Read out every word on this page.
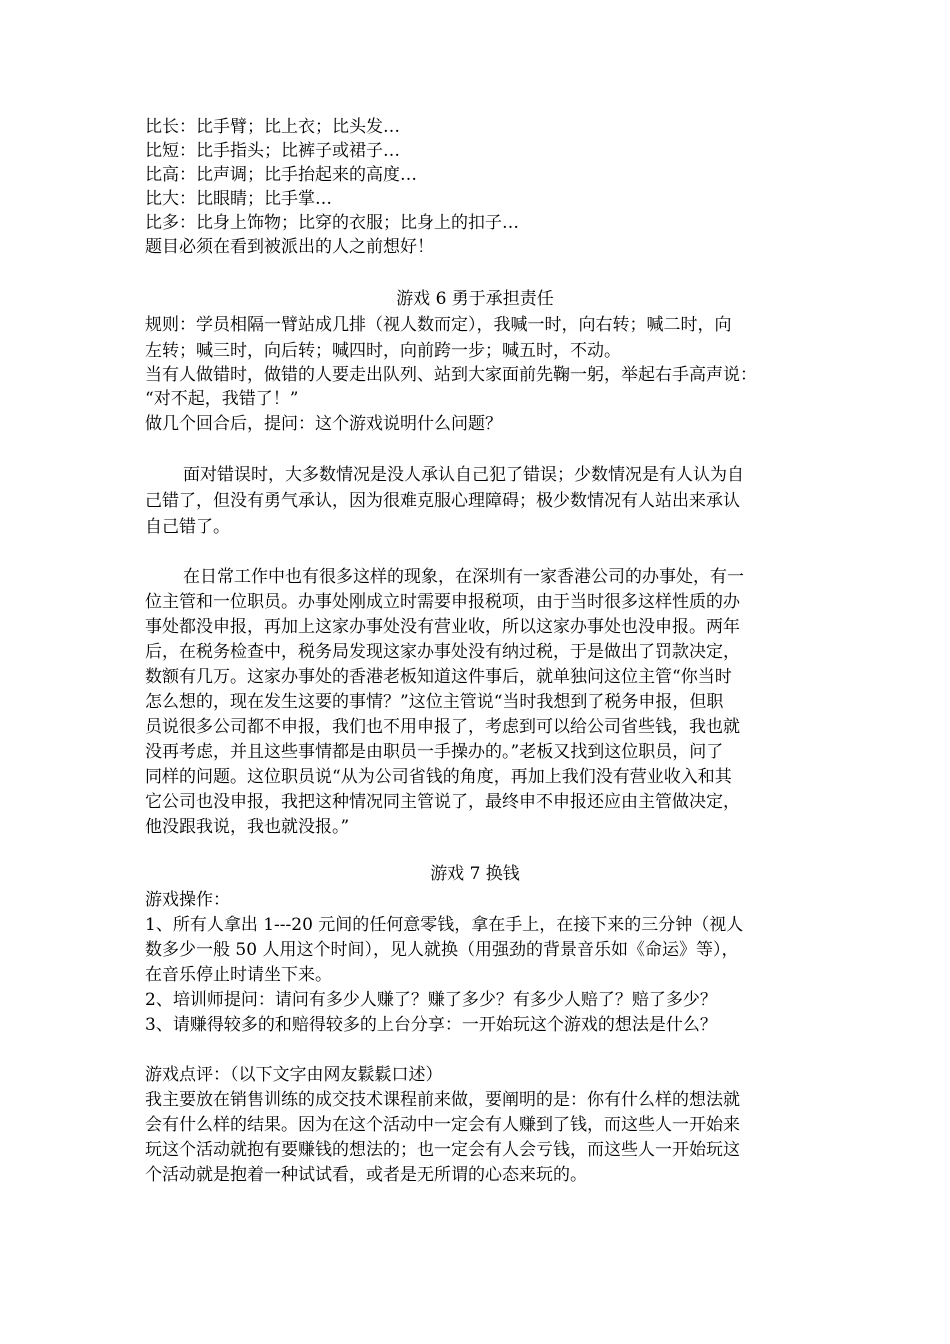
比长：比手臂；比上衣；比头发…

比短：比手指头；比裤子或裙子…

比高：比声调；比手抬起来的高度…

比大：比眼睛；比手掌…

比多：比身上饰物；比穿的衣服；比身上的扣子…

题目必须在看到被派出的人之前想好！

游戏 6 勇于承担责任

规则：学员相隔一臂站成几排（视人数而定），我喊一时，向右转；喊二时，向

左转；喊三时，向后转；喊四时，向前跨一步；喊五时，不动。

当有人做错时，做错的人要走出队列、站到大家面前先鞠一躬，举起右手高声说：

“对不起，我错了！”

做几个回合后，提问：这个游戏说明什么问题？

面对错误时，大多数情况是没人承认自己犯了错误；少数情况是有人认为自

己错了，但没有勇气承认，因为很难克服心理障碍；极少数情况有人站出来承认

自己错了。

在日常工作中也有很多这样的现象，在深圳有一家香港公司的办事处，有一

位主管和一位职员。办事处刚成立时需要申报税项，由于当时很多这样性质的办

事处都没申报，再加上这家办事处没有营业收，所以这家办事处也没申报。两年

后，在税务检查中，税务局发现这家办事处没有纳过税，于是做出了罚款决定，

数额有几万。这家办事处的香港老板知道这件事后，就单独问这位主管“你当时

怎么想的，现在发生这要的事情？”这位主管说“当时我想到了税务申报，但职

员说很多公司都不申报，我们也不用申报了，考虑到可以给公司省些钱，我也就

没再考虑，并且这些事情都是由职员一手操办的。”老板又找到这位职员，问了

同样的问题。这位职员说“从为公司省钱的角度，再加上我们没有营业收入和其

它公司也没申报，我把这种情况同主管说了，最终申不申报还应由主管做决定，

他没跟我说，我也就没报。”

游戏 7 换钱

游戏操作：

1、所有人拿出 1---20 元间的任何意零钱，拿在手上，在接下来的三分钟（视人

数多少一般 50 人用这个时间），见人就换（用强劲的背景音乐如《命运》等），

在音乐停止时请坐下来。

2、培训师提问：请问有多少人赚了？赚了多少？有多少人赔了？赔了多少？

3、请赚得较多的和赔得较多的上台分享：一开始玩这个游戏的想法是什么？

游戏点评：（以下文字由网友鬏鬏口述）

我主要放在销售训练的成交技术课程前来做，要阐明的是：你有什么样的想法就

会有什么样的结果。因为在这个活动中一定会有人赚到了钱，而这些人一开始来

玩这个活动就抱有要赚钱的想法的；也一定会有人会亏钱，而这些人一开始玩这

个活动就是抱着一种试试看，或者是无所谓的心态来玩的。
